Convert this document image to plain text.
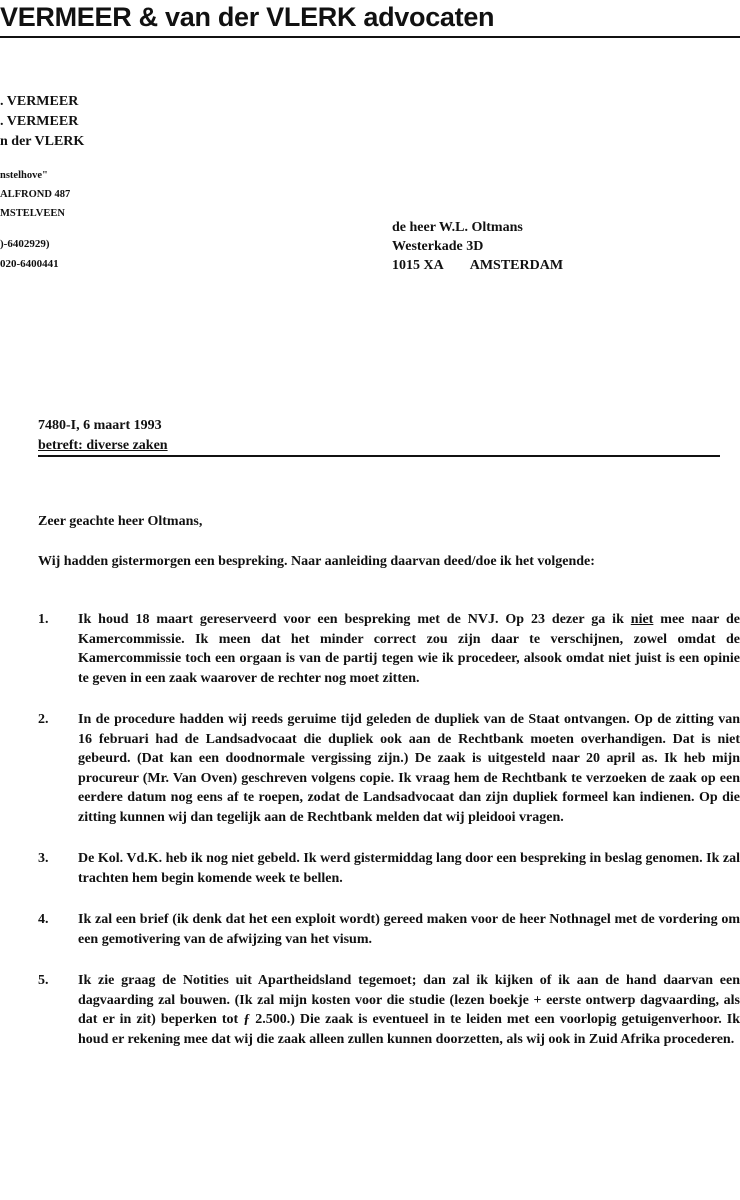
VERMEER & van der VLERK advocaten
. VERMEER
. VERMEER
n der VLERK
nstelhove"
ALFROND 487
MSTELVEEN
)-6402929)
020-6400441
de heer W.L. Oltmans
Westerkade 3D
1015 XA AMSTERDAM
7480-I, 6 maart 1993
betreft: diverse zaken
Zeer geachte heer Oltmans,
Wij hadden gistermorgen een bespreking. Naar aanleiding daarvan deed/doe ik het volgende:
1. Ik houd 18 maart gereserveerd voor een bespreking met de NVJ. Op 23 dezer ga ik niet mee naar de Kamercommissie. Ik meen dat het minder correct zou zijn daar te verschijnen, zowel omdat de Kamercommissie toch een orgaan is van de partij tegen wie ik procedeer, alsook omdat niet juist is een opinie te geven in een zaak waarover de rechter nog moet zitten.
2. In de procedure hadden wij reeds geruime tijd geleden de dupliek van de Staat ontvangen. Op de zitting van 16 februari had de Landsadvocaat die dupliek ook aan de Rechtbank moeten overhandigen. Dat is niet gebeurd. (Dat kan een doodnormale vergissing zijn.) De zaak is uitgesteld naar 20 april as. Ik heb mijn procureur (Mr. Van Oven) geschreven volgens copie. Ik vraag hem de Rechtbank te verzoeken de zaak op een eerdere datum nog eens af te roepen, zodat de Landsadvocaat dan zijn dupliek formeel kan indienen. Op die zitting kunnen wij dan tegelijk aan de Rechtbank melden dat wij pleidooi vragen.
3. De Kol. Vd.K. heb ik nog niet gebeld. Ik werd gistermiddag lang door een bespreking in beslag genomen. Ik zal trachten hem begin komende week te bellen.
4. Ik zal een brief (ik denk dat het een exploit wordt) gereed maken voor de heer Nothnagel met de vordering om een gemotivering van de afwijzing van het visum.
5. Ik zie graag de Notities uit Apartheidsland tegemoet; dan zal ik kijken of ik aan de hand daarvan een dagvaarding zal bouwen. (Ik zal mijn kosten voor die studie (lezen boekje + eerste ontwerp dagvaarding, als dat er in zit) beperken tot ƒ 2.500.) Die zaak is eventueel in te leiden met een voorlopig getuigenverhoor. Ik houd er rekening mee dat wij die zaak alleen zullen kunnen doorzetten, als wij ook in Zuid Afrika procederen.
